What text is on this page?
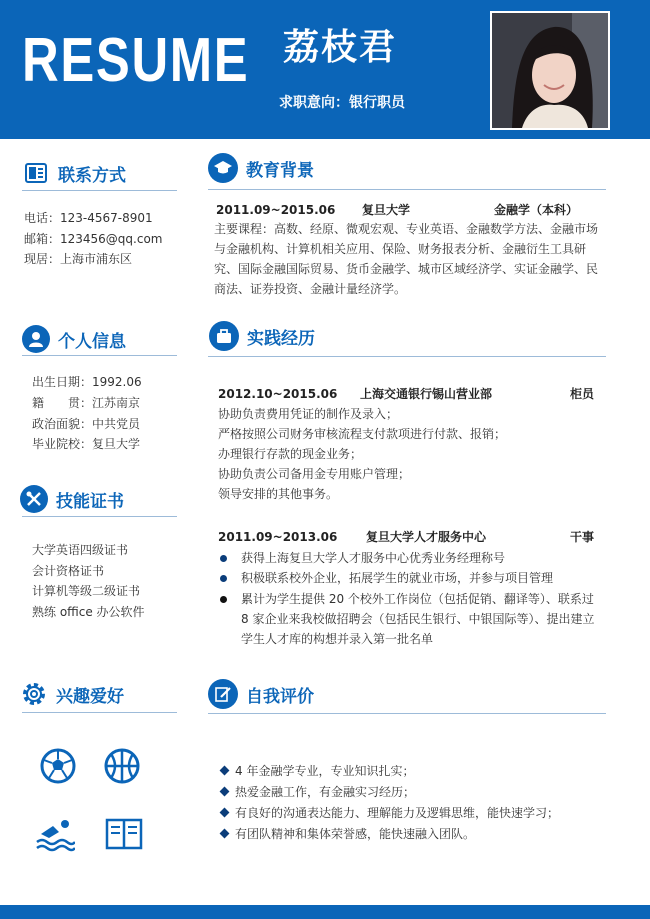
RESUME 荔枝君
求职意向：银行职员
联系方式
电话：123-4567-8901
邮箱：123456@qq.com
现居：上海市浦东区
个人信息
出生日期：1992.06
籍　　贯：江苏南京
政治面貌：中共党员
毕业院校：复旦大学
技能证书
大学英语四级证书
会计资格证书
计算机等级二级证书
熟练 office 办公软件
兴趣爱好
教育背景
2011.09~2015.06 复旦大学	金融学（本科）
主要课程：高数、经原、微观宏观、专业英语、金融数学方法、金融市场
与金融机构、计算机相关应用、保险、财务报表分析、金融衍生工具研
究、国际金融国际贸易、货币金融学、城市区域经济学、实证金融学、民
商法、证券投资、金融计量经济学。
实践经历
2012.10~2015.06 上海交通银行锡山营业部	柜员
协助负责费用凭证的制作及录入；
严格按照公司财务审核流程支付款项进行付款、报销；
办理银行存款的现金业务；
协助负责公司备用金专用账户管理；
领导安排的其他事务。
2011.09~2013.06 复旦大学人才服务中心	干事
获得上海复旦大学人才服务中心优秀业务经理称号
积极联系校外企业，拓展学生的就业市场，并参与项目管理
累计为学生提供 20 个校外工作岗位（包括促销、翻译等）、联系过
8 家企业来我校做招聘会（包括民生银行、中银国际等）、提出建立
学生人才库的构想并录入第一批名单
自我评价
4 年金融学专业，专业知识扎实；
热爱金融工作，有金融实习经历；
有良好的沟通表达能力、理解能力及逻辑思维，能快速学习；
有团队精神和集体荣誉感，能快速融入团队。
